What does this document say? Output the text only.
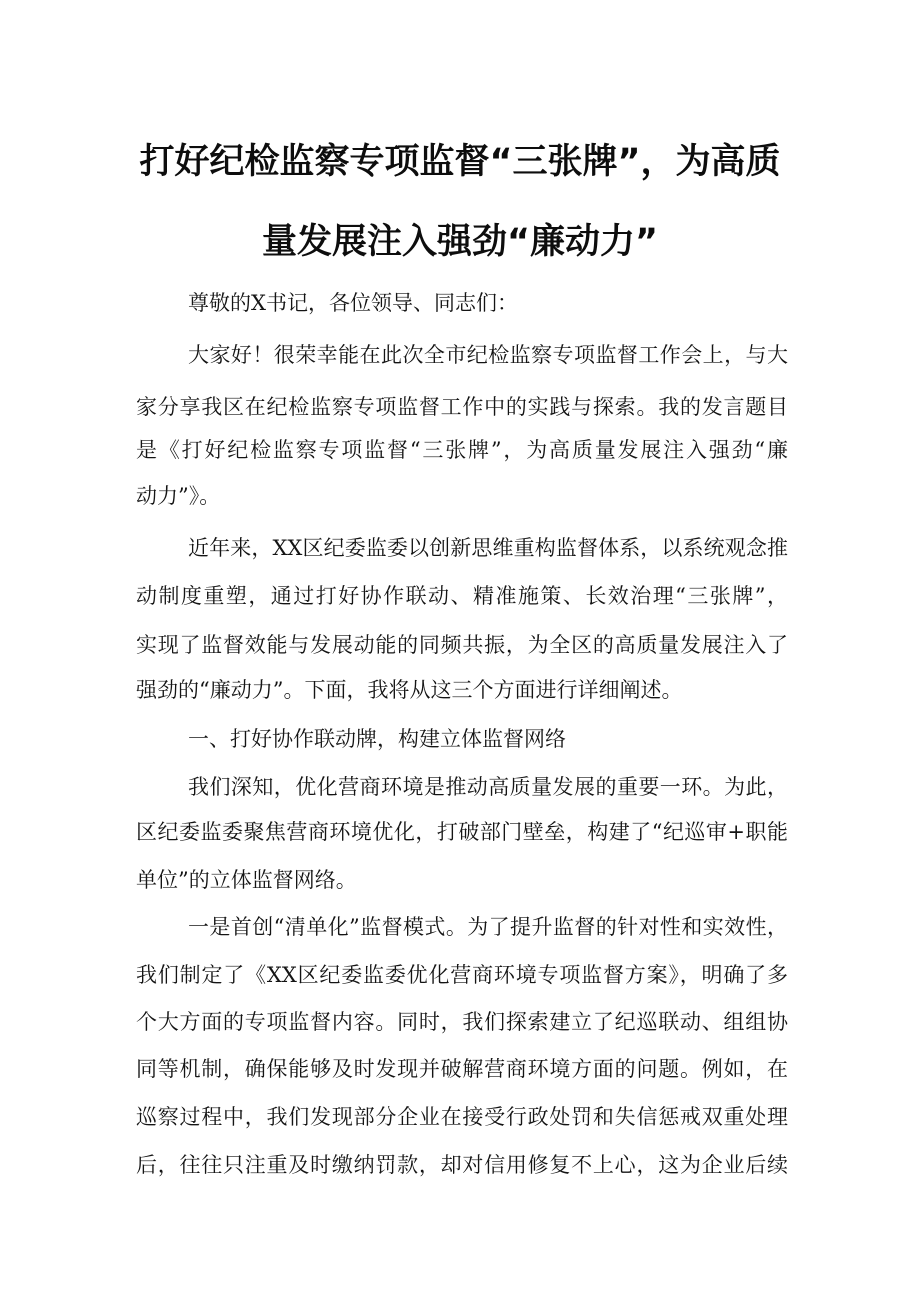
打好纪检监察专项监督“三张牌”，为高质
量发展注入强劲“廉动力”
尊敬的X书记，各位领导、同志们：
大家好！很荣幸能在此次全市纪检监察专项监督工作会上，与大
家分享我区在纪检监察专项监督工作中的实践与探索。我的发言题目
是《打好纪检监察专项监督“三张牌”，为高质量发展注入强劲“廉
动力”》。
近年来，XX区纪委监委以创新思维重构监督体系，以系统观念推
动制度重塑，通过打好协作联动、精准施策、长效治理“三张牌”，
实现了监督效能与发展动能的同频共振，为全区的高质量发展注入了
强劲的“廉动力”。下面，我将从这三个方面进行详细阐述。
一、打好协作联动牌，构建立体监督网络
我们深知，优化营商环境是推动高质量发展的重要一环。为此，
区纪委监委聚焦营商环境优化，打破部门壁垒，构建了“纪巡审+职能
单位”的立体监督网络。
一是首创“清单化”监督模式。为了提升监督的针对性和实效性，
我们制定了《XX区纪委监委优化营商环境专项监督方案》，明确了多
个大方面的专项监督内容。同时，我们探索建立了纪巡联动、组组协
同等机制，确保能够及时发现并破解营商环境方面的问题。例如，在
巡察过程中，我们发现部分企业在接受行政处罚和失信惩戒双重处理
后，往往只注重及时缴纳罚款，却对信用修复不上心，这为企业后续
